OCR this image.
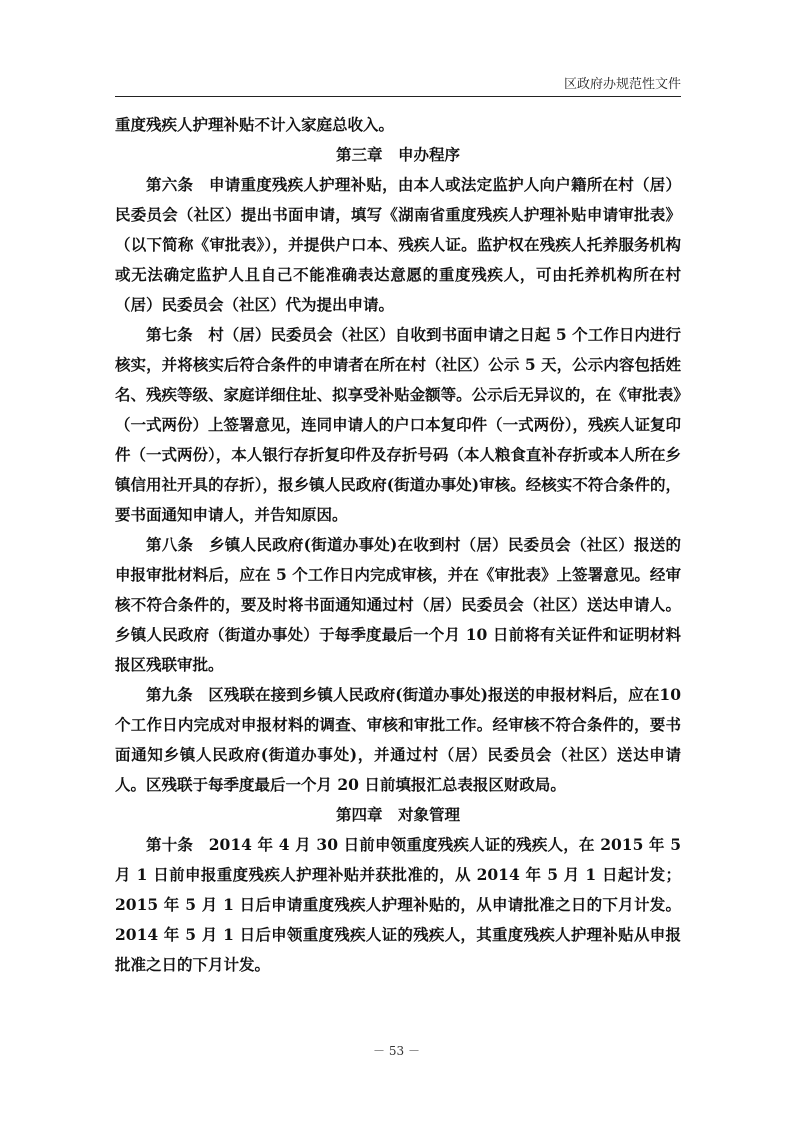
区政府办规范性文件

重度残疾人护理补贴不计入家庭总收入。

第三章　申办程序

第六条　申请重度残疾人护理补贴，由本人或法定监护人向户籍所在村（居）民委员会（社区）提出书面申请，填写《湖南省重度残疾人护理补贴申请审批表》（以下简称《审批表》），并提供户口本、残疾人证。监护权在残疾人托养服务机构或无法确定监护人且自己不能准确表达意愿的重度残疾人，可由托养机构所在村（居）民委员会（社区）代为提出申请。

第七条　村（居）民委员会（社区）自收到书面申请之日起 5 个工作日内进行核实，并将核实后符合条件的申请者在所在村（社区）公示 5 天，公示内容包括姓名、残疾等级、家庭详细住址、拟享受补贴金额等。公示后无异议的，在《审批表》（一式两份）上签署意见，连同申请人的户口本复印件（一式两份），残疾人证复印件（一式两份），本人银行存折复印件及存折号码（本人粮食直补存折或本人所在乡镇信用社开具的存折），报乡镇人民政府(街道办事处)审核。经核实不符合条件的，要书面通知申请人，并告知原因。

第八条　乡镇人民政府(街道办事处)在收到村（居）民委员会（社区）报送的申报审批材料后，应在 5 个工作日内完成审核，并在《审批表》上签署意见。经审核不符合条件的，要及时将书面通知通过村（居）民委员会（社区）送达申请人。乡镇人民政府（街道办事处）于每季度最后一个月 10 日前将有关证件和证明材料报区残联审批。

第九条　区残联在接到乡镇人民政府(街道办事处)报送的申报材料后，应在10 个工作日内完成对申报材料的调查、审核和审批工作。经审核不符合条件的，要书面通知乡镇人民政府(街道办事处)，并通过村（居）民委员会（社区）送达申请人。区残联于每季度最后一个月 20 日前填报汇总表报区财政局。

第四章　对象管理

第十条　2014 年 4 月 30 日前申领重度残疾人证的残疾人，在 2015 年 5 月 1 日前申报重度残疾人护理补贴并获批准的，从 2014 年 5 月 1 日起计发；2015 年 5 月 1 日后申请重度残疾人护理补贴的，从申请批准之日的下月计发。2014 年 5 月 1 日后申领重度残疾人证的残疾人，其重度残疾人护理补贴从申报批准之日的下月计发。

－ 53 －
